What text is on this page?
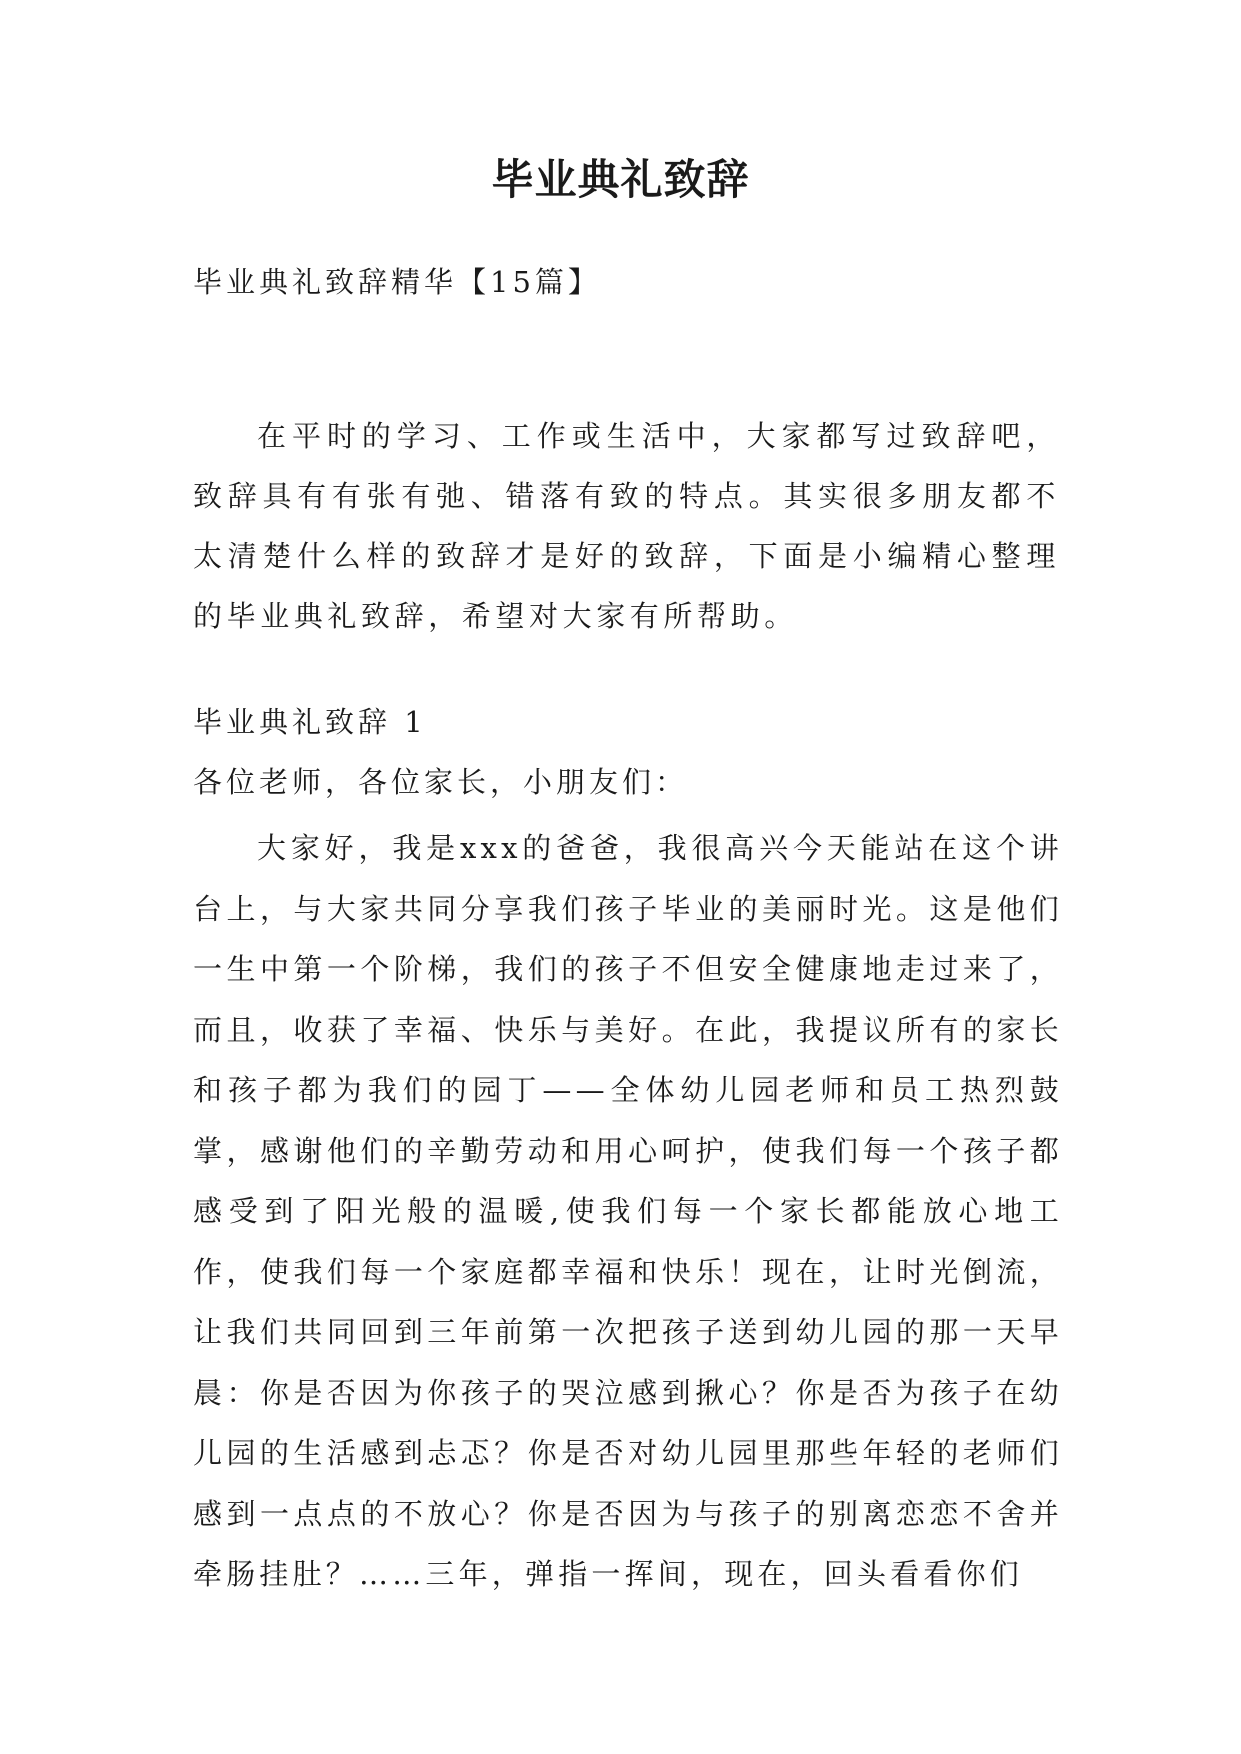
毕业典礼致辞

毕业典礼致辞精华【15篇】

在平时的学习、工作或生活中，大家都写过致辞吧，致辞具有有张有弛、错落有致的特点。其实很多朋友都不太清楚什么样的致辞才是好的致辞，下面是小编精心整理的毕业典礼致辞，希望对大家有所帮助。

毕业典礼致辞 1

各位老师，各位家长，小朋友们：

大家好，我是xxx的爸爸，我很高兴今天能站在这个讲台上，与大家共同分享我们孩子毕业的美丽时光。这是他们一生中第一个阶梯，我们的孩子不但安全健康地走过来了，而且，收获了幸福、快乐与美好。在此，我提议所有的家长和孩子都为我们的园丁——全体幼儿园老师和员工热烈鼓掌，感谢他们的辛勤劳动和用心呵护，使我们每一个孩子都感受到了阳光般的温暖,使我们每一个家长都能放心地工作，使我们每一个家庭都幸福和快乐！现在，让时光倒流，让我们共同回到三年前第一次把孩子送到幼儿园的那一天早晨：你是否因为你孩子的哭泣感到揪心？你是否为孩子在幼儿园的生活感到忐忑？你是否对幼儿园里那些年轻的老师们感到一点点的不放心？你是否因为与孩子的别离恋恋不舍并牵肠挂肚？……三年，弹指一挥间，现在，回头看看你们
